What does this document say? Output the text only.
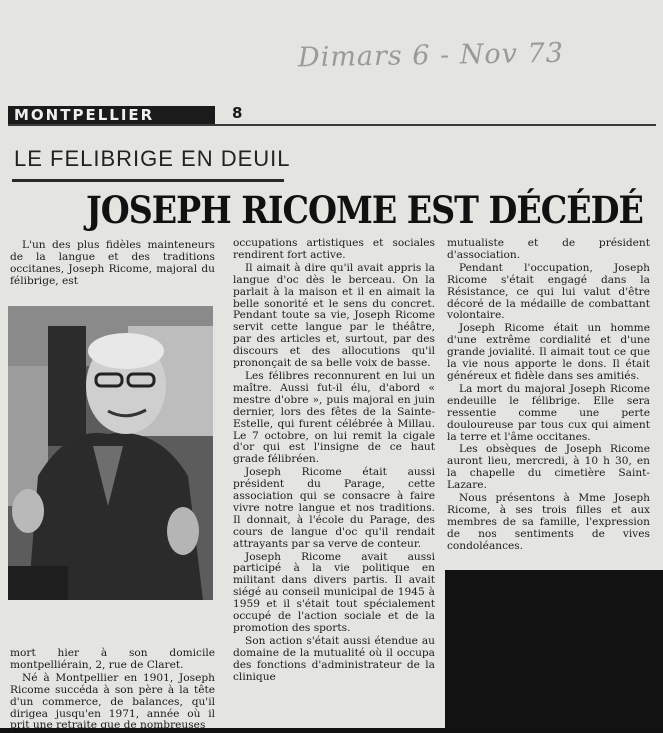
Dimars 6 - Nov 73
MONTPELLIER	8
LE FELIBRIGE EN DEUIL
JOSEPH RICOME EST DÉCÉDÉ

L'un des plus fidèles mainteneurs de la langue et des traditions occitanes, Joseph Ricome, majoral du félibrige, est

mort hier à son domicile montpelliérain, 2, rue de Claret.

Né à Montpellier en 1901, Joseph Ricome succéda à son père à la tête d'un commerce, de balances, qu'il dirigea jusqu'en 1971, année où il prit une retraite que de nombreuses

occupations artistiques et sociales rendirent fort active.

Il aimait à dire qu'il avait appris la langue d'oc dès le berceau. On la parlait à la maison et il en aimait la belle sonorité et le sens du concret. Pendant toute sa vie, Joseph Ricome servit cette langue par le théâtre, par des articles et, surtout, par des discours et des allocutions qu'il prononçait de sa belle voix de basse.

Les félibres reconnurent en lui un maître. Aussi fut-il élu, d'abord « mestre d'obre », puis majoral en juin dernier, lors des fêtes de la Sainte-Estelle, qui furent célébrée à Millau. Le 7 octobre, on lui remit la cigale d'or qui est l'insigne de ce haut grade félibréen.

Joseph Ricome était aussi président du Parage, cette association qui se consacre à faire vivre notre langue et nos traditions. Il donnait, à l'école du Parage, des cours de langue d'oc qu'il rendait attrayants par sa verve de conteur.

Joseph Ricome avait aussi participé à la vie politique en militant dans divers partis. Il avait siégé au conseil municipal de 1945 à 1959 et il s'était tout spécialement occupé de l'action sociale et de la promotion des sports.

Son action s'était aussi étendue au domaine de la mutualité où il occupa des fonctions d'administrateur de la clinique

mutualiste et de président d'association.

Pendant l'occupation, Joseph Ricome s'était engagé dans la Résistance, ce qui lui valut d'être décoré de la médaille de combattant volontaire.

Joseph Ricome était un homme d'une extrême cordialité et d'une grande jovialité. Il aimait tout ce que la vie nous apporte le dons. Il était généreux et fidèle dans ses amitiés.

La mort du majoral Joseph Ricome endeuille le félibrige. Elle sera ressentie comme une perte douloureuse par tous cux qui aiment la terre et l'âme occitanes.

Les obsèques de Joseph Ricome auront lieu, mercredi, à 10 h 30, en la chapelle du cimetière Saint-Lazare.

Nous présentons à Mme Joseph Ricome, à ses trois filles et aux membres de sa famille, l'expression de nos sentiments de vives condoléances.
